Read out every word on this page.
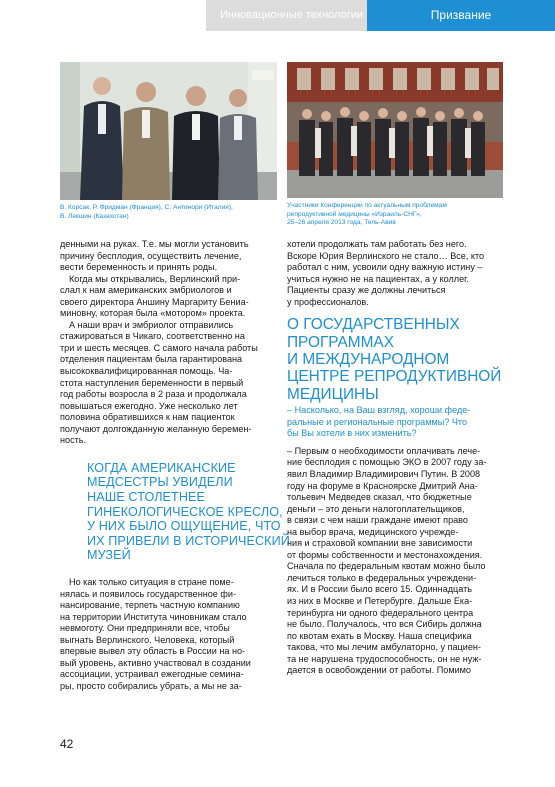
Инновационные технологии	Призвание
В. Корсак, Р. Фридман (Франция), С. Антинори (Италия),
В. Лекшин (Казахстан)
Участники Конференции по актуальным проблемам
репродуктивной медицины «Израиль-СНГ»,
25–26 апреля 2013 года, Тель-Авив
денными на руках. Т.е. мы могли установить
причину бесплодия, осуществить лечение,
вести беременность и принять роды.
Когда мы открывались, Верлинский при-
слал к нам американских эмбриологов и
своего директора Аншину Маргариту Бениа-
миновну, которая была «мотором» проекта.
А наши врач и эмбриолог отправились
стажироваться в Чикаго, соответственно на
три и шесть месяцев. С самого начала работы
отделения пациентам была гарантирована
высококвалифицированная помощь. Ча-
стота наступления беременности в первый
год работы возросла в 2 раза и продолжала
повышаться ежегодно. Уже несколько лет
половина обратившихся к нам пациенток
получают долгожданную желанную беремен-
ность.
КОГДА АМЕРИКАНСКИЕ
МЕДСЕСТРЫ УВИДЕЛИ
НАШЕ СТОЛЕТНЕЕ
ГИНЕКОЛОГИЧЕСКОЕ КРЕСЛО,
У НИХ БЫЛО ОЩУЩЕНИЕ, ЧТО
ИХ ПРИВЕЛИ В ИСТОРИЧЕСКИЙ
МУЗЕЙ
Но как только ситуация в стране поме-
нялась и появилось государственное фи-
нансирование, терпеть частную компанию
на территории Института чиновникам стало
невмоготу. Они предприняли все, чтобы
выгнать Верлинского. Человека, который
впервые вывел эту область в России на но-
вый уровень, активно участвовал в создании
ассоциации, устраивал ежегодные семина-
ры, просто собирались убрать, а мы не за-
хотели продолжать там работать без него.
Вскоре Юрия Верлинского не стало… Все, кто
работал с ним, усвоили одну важную истину –
учиться нужно не на пациентах, а у коллег.
Пациенты сразу же должны лечиться
у профессионалов.
О ГОСУДАРСТВЕННЫХ
ПРОГРАММАХ
И МЕЖДУНАРОДНОМ
ЦЕНТРЕ РЕПРОДУКТИВНОЙ
МЕДИЦИНЫ
– Насколько, на Ваш взгляд, хороши феде-
ральные и региональные программы? Что
бы Вы хотели в них изменить?
– Первым о необходимости оплачивать лече-
ние бесплодия с помощью ЭКО в 2007 году за-
явил Владимир Владимирович Путин. В 2008
году на форуме в Красноярске Дмитрий Ана-
тольевич Медведев сказал, что бюджетные
деньги – это деньги налогоплательщиков,
в связи с чем наши граждане имеют право
на выбор врача, медицинского учрежде-
ния и страховой компании вне зависимости
от формы собственности и местонахождения.
Сначала по федеральным квотам можно было
лечиться только в федеральных учреждени-
ях. И в России было всего 15. Одиннадцать
из них в Москве и Петербурге. Дальше Ека-
теринбурга ни одного федерального центра
не было. Получалось, что вся Сибирь должна
по квотам ехать в Москву. Наша специфика
такова, что мы лечим амбулаторно, у пациен-
та не нарушена трудоспособность, он не нуж-
дается в освобождении от работы. Помимо
42
